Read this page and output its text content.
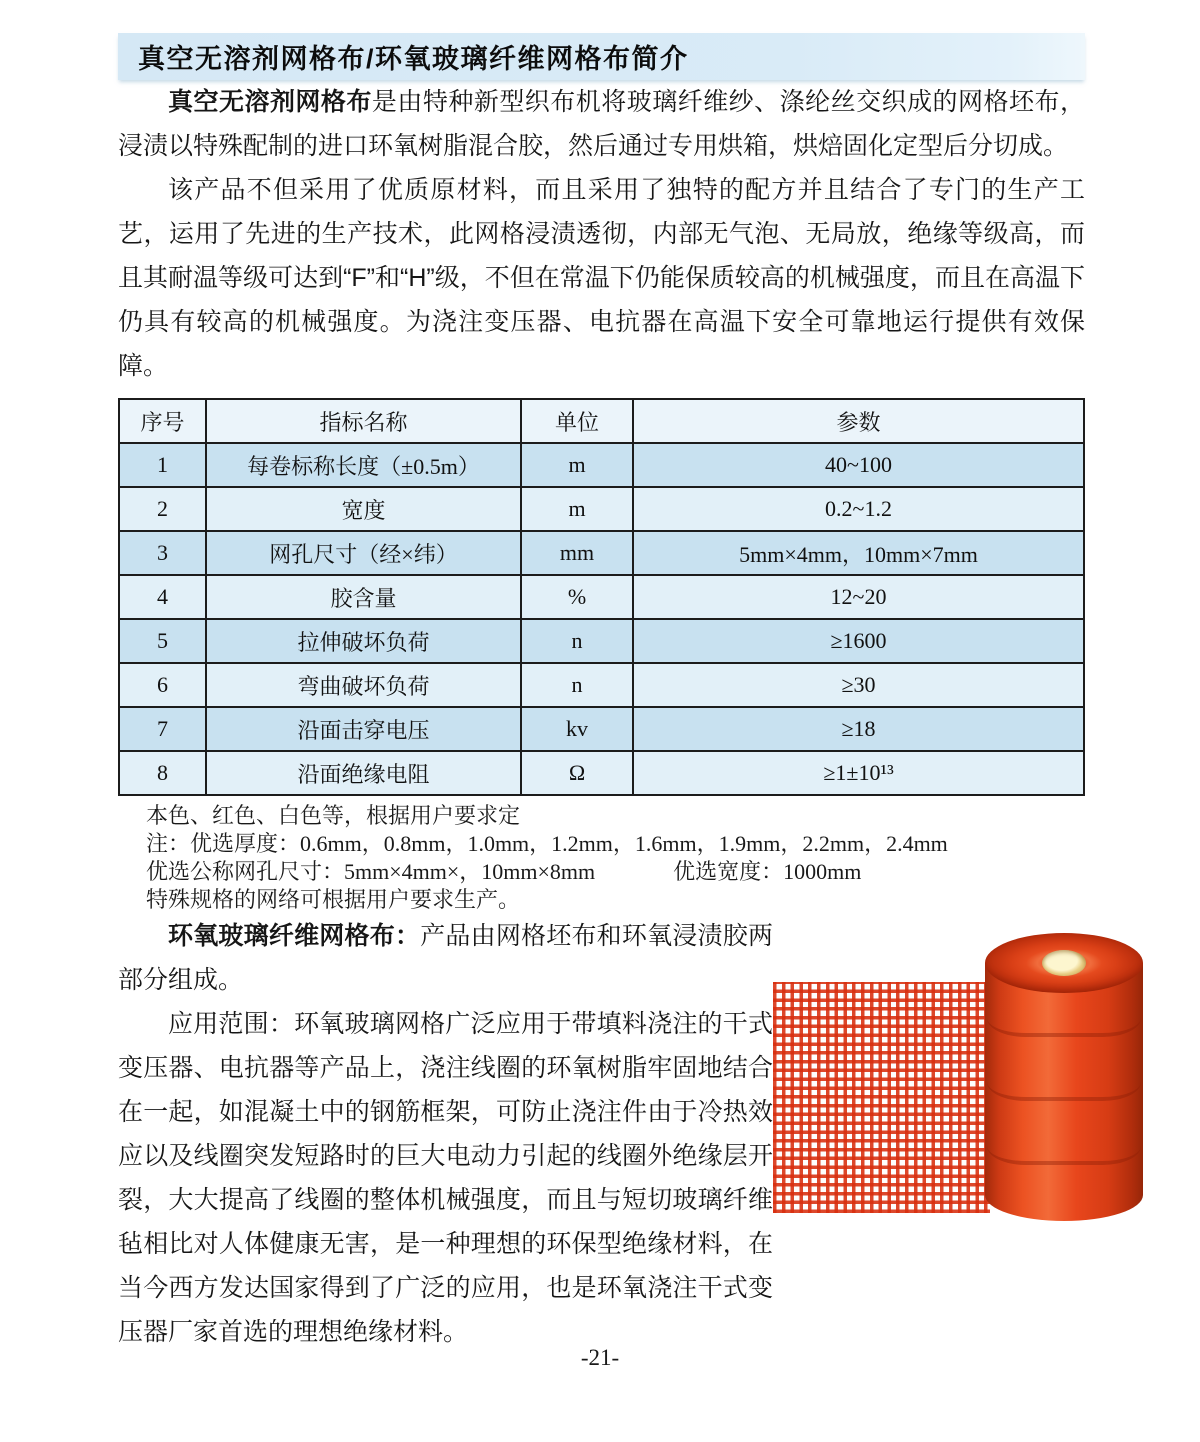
真空无溶剂网格布/环氧玻璃纤维网格布简介

真空无溶剂网格布是由特种新型织布机将玻璃纤维纱、涤纶丝交织成的网格坯布，浸渍以特殊配制的进口环氧树脂混合胶，然后通过专用烘箱，烘焙固化定型后分切成。

该产品不但采用了优质原材料，而且采用了独特的配方并且结合了专门的生产工艺，运用了先进的生产技术，此网格浸渍透彻，内部无气泡、无局放，绝缘等级高，而且其耐温等级可达到“F”和“H”级，不但在常温下仍能保质较高的机械强度，而且在高温下仍具有较高的机械强度。为浇注变压器、电抗器在高温下安全可靠地运行提供有效保障。

序号	指标名称	单位	参数
1	每卷标称长度（±0.5m）	m	40~100
2	宽度	m	0.2~1.2
3	网孔尺寸（经×纬）	mm	5mm×4mm，10mm×7mm
4	胶含量	%	12~20
5	拉伸破坏负荷	n	≥1600
6	弯曲破坏负荷	n	≥30
7	沿面击穿电压	kv	≥18
8	沿面绝缘电阻	Ω	≥1±10¹³

本色、红色、白色等，根据用户要求定

注：优选厚度：0.6mm，0.8mm，1.0mm，1.2mm，1.6mm，1.9mm，2.2mm，2.4mm

优选公称网孔尺寸：5mm×4mm×，10mm×8mm	优选宽度：1000mm

特殊规格的网络可根据用户要求生产。

环氧玻璃纤维网格布：产品由网格坯布和环氧浸渍胶两部分组成。

应用范围：环氧玻璃网格广泛应用于带填料浇注的干式变压器、电抗器等产品上，浇注线圈的环氧树脂牢固地结合在一起，如混凝土中的钢筋框架，可防止浇注件由于冷热效应以及线圈突发短路时的巨大电动力引起的线圈外绝缘层开裂，大大提高了线圈的整体机械强度，而且与短切玻璃纤维毡相比对人体健康无害，是一种理想的环保型绝缘材料，在当今西方发达国家得到了广泛的应用，也是环氧浇注干式变压器厂家首选的理想绝缘材料。

-21-
